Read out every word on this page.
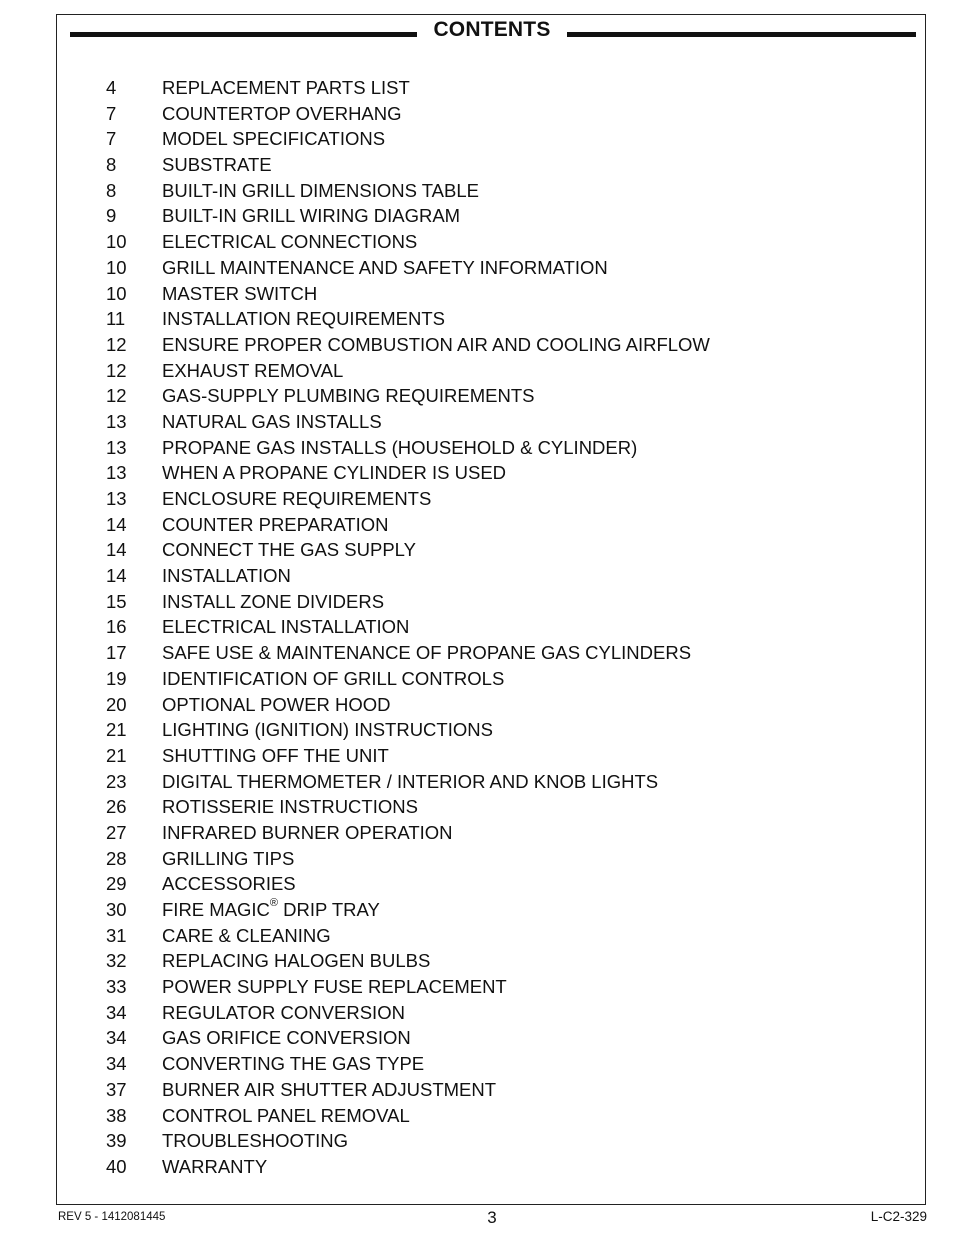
CONTENTS
4 REPLACEMENT PARTS LIST
7 COUNTERTOP OVERHANG
7 MODEL SPECIFICATIONS
8 SUBSTRATE
8 BUILT-IN GRILL DIMENSIONS TABLE
9 BUILT-IN GRILL WIRING DIAGRAM
10 ELECTRICAL CONNECTIONS
10 GRILL MAINTENANCE AND SAFETY INFORMATION
10 MASTER SWITCH
11 INSTALLATION REQUIREMENTS
12 ENSURE PROPER COMBUSTION AIR AND COOLING AIRFLOW
12 EXHAUST REMOVAL
12 GAS-SUPPLY PLUMBING REQUIREMENTS
13 NATURAL GAS INSTALLS
13 PROPANE GAS INSTALLS (HOUSEHOLD & CYLINDER)
13 WHEN A PROPANE CYLINDER IS USED
13 ENCLOSURE REQUIREMENTS
14 COUNTER PREPARATION
14 CONNECT THE GAS SUPPLY
14 INSTALLATION
15 INSTALL ZONE DIVIDERS
16 ELECTRICAL INSTALLATION
17 SAFE USE & MAINTENANCE OF PROPANE GAS CYLINDERS
19 IDENTIFICATION OF GRILL CONTROLS
20 OPTIONAL POWER HOOD
21 LIGHTING (IGNITION) INSTRUCTIONS
21 SHUTTING OFF THE UNIT
23 DIGITAL THERMOMETER / INTERIOR AND KNOB LIGHTS
26 ROTISSERIE INSTRUCTIONS
27 INFRARED BURNER OPERATION
28 GRILLING TIPS
29 ACCESSORIES
30 FIRE MAGIC® DRIP TRAY
31 CARE & CLEANING
32 REPLACING HALOGEN BULBS
33 POWER SUPPLY FUSE REPLACEMENT
34 REGULATOR CONVERSION
34 GAS ORIFICE CONVERSION
34 CONVERTING THE GAS TYPE
37 BURNER AIR SHUTTER ADJUSTMENT
38 CONTROL PANEL REMOVAL
39 TROUBLESHOOTING
40 WARRANTY
REV 5 - 1412081445	3	L-C2-329
